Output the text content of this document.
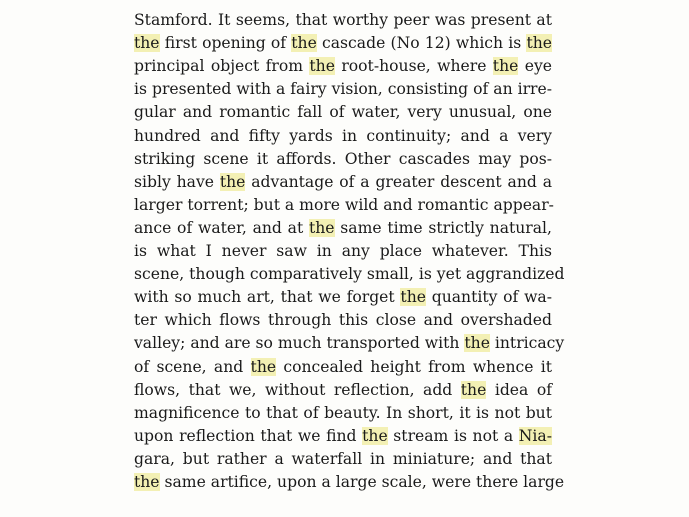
Stamford. It seems, that worthy peer was present at
the first opening of the cascade (No 12) which is the
principal object from the root-house, where the eye
is presented with a fairy vision, consisting of an irre-
gular and romantic fall of water, very unusual, one
hundred and fifty yards in continuity; and a very
striking scene it affords. Other cascades may pos-
sibly have the advantage of a greater descent and a
larger torrent; but a more wild and romantic appear-
ance of water, and at the same time strictly natural,
is what I never saw in any place whatever. This
scene, though comparatively small, is yet aggrandized
with so much art, that we forget the quantity of wa-
ter which flows through this close and overshaded
valley; and are so much transported with the intricacy
of scene, and the concealed height from whence it
flows, that we, without reflection, add the idea of
magnificence to that of beauty. In short, it is not but
upon reflection that we find the stream is not a Nia-
gara, but rather a waterfall in miniature; and that
the same artifice, upon a large scale, were there large
